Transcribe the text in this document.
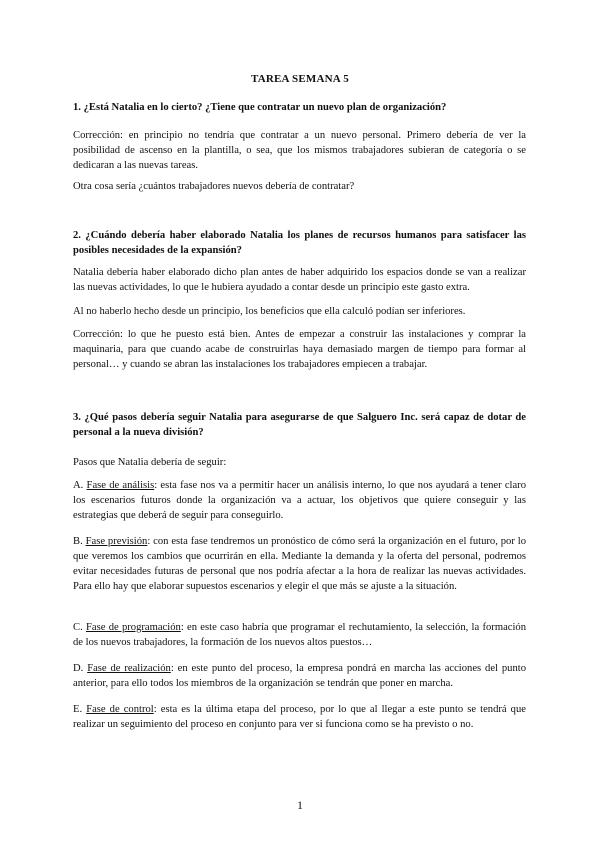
TAREA SEMANA 5
1. ¿Está Natalia en lo cierto? ¿Tiene que contratar un nuevo plan de organización?
Corrección: en principio no tendría que contratar a un nuevo personal. Primero debería de ver la posibilidad de ascenso en la plantilla, o sea, que los mismos trabajadores subieran de categoría o se dedicaran a las nuevas tareas.
Otra cosa sería ¿cuántos trabajadores nuevos debería de contratar?
2. ¿Cuándo debería haber elaborado Natalia los planes de recursos humanos para satisfacer las posibles necesidades de la expansión?
Natalia debería haber elaborado dicho plan antes de haber adquirido los espacios donde se van a realizar las nuevas actividades, lo que le hubiera ayudado a contar desde un principio este gasto extra.
Al no haberlo hecho desde un principio, los beneficios que ella calculó podían ser inferiores.
Corrección: lo que he puesto está bien. Antes de empezar a construir las instalaciones y comprar la maquinaria, para que cuando acabe de construirlas haya demasiado margen de tiempo para formar al personal… y cuando se abran las instalaciones los trabajadores empiecen a trabajar.
3. ¿Qué pasos debería seguir Natalia para asegurarse de que Salguero Inc. será capaz de dotar de personal a la nueva división?
Pasos que Natalia debería de seguir:
A. Fase de análisis: esta fase nos va a permitir hacer un análisis interno, lo que nos ayudará a tener claro los escenarios futuros donde la organización va a actuar, los objetivos que quiere conseguir y las estrategias que deberá de seguir para conseguirlo.
B. Fase previsión: con esta fase tendremos un pronóstico de cómo será la organización en el futuro, por lo que veremos los cambios que ocurrirán en ella. Mediante la demanda y la oferta del personal, podremos evitar necesidades futuras de personal que nos podría afectar a la hora de realizar las nuevas actividades. Para ello hay que elaborar supuestos escenarios y elegir el que más se ajuste a la situación.
C. Fase de programación: en este caso habría que programar el rechutamiento, la selección, la formación de los nuevos trabajadores, la formación de los nuevos altos puestos…
D. Fase de realización: en este punto del proceso, la empresa pondrá en marcha las acciones del punto anterior, para ello todos los miembros de la organización se tendrán que poner en marcha.
E. Fase de control: esta es la última etapa del proceso, por lo que al llegar a este punto se tendrá que realizar un seguimiento del proceso en conjunto para ver si funciona como se ha previsto o no.
1
